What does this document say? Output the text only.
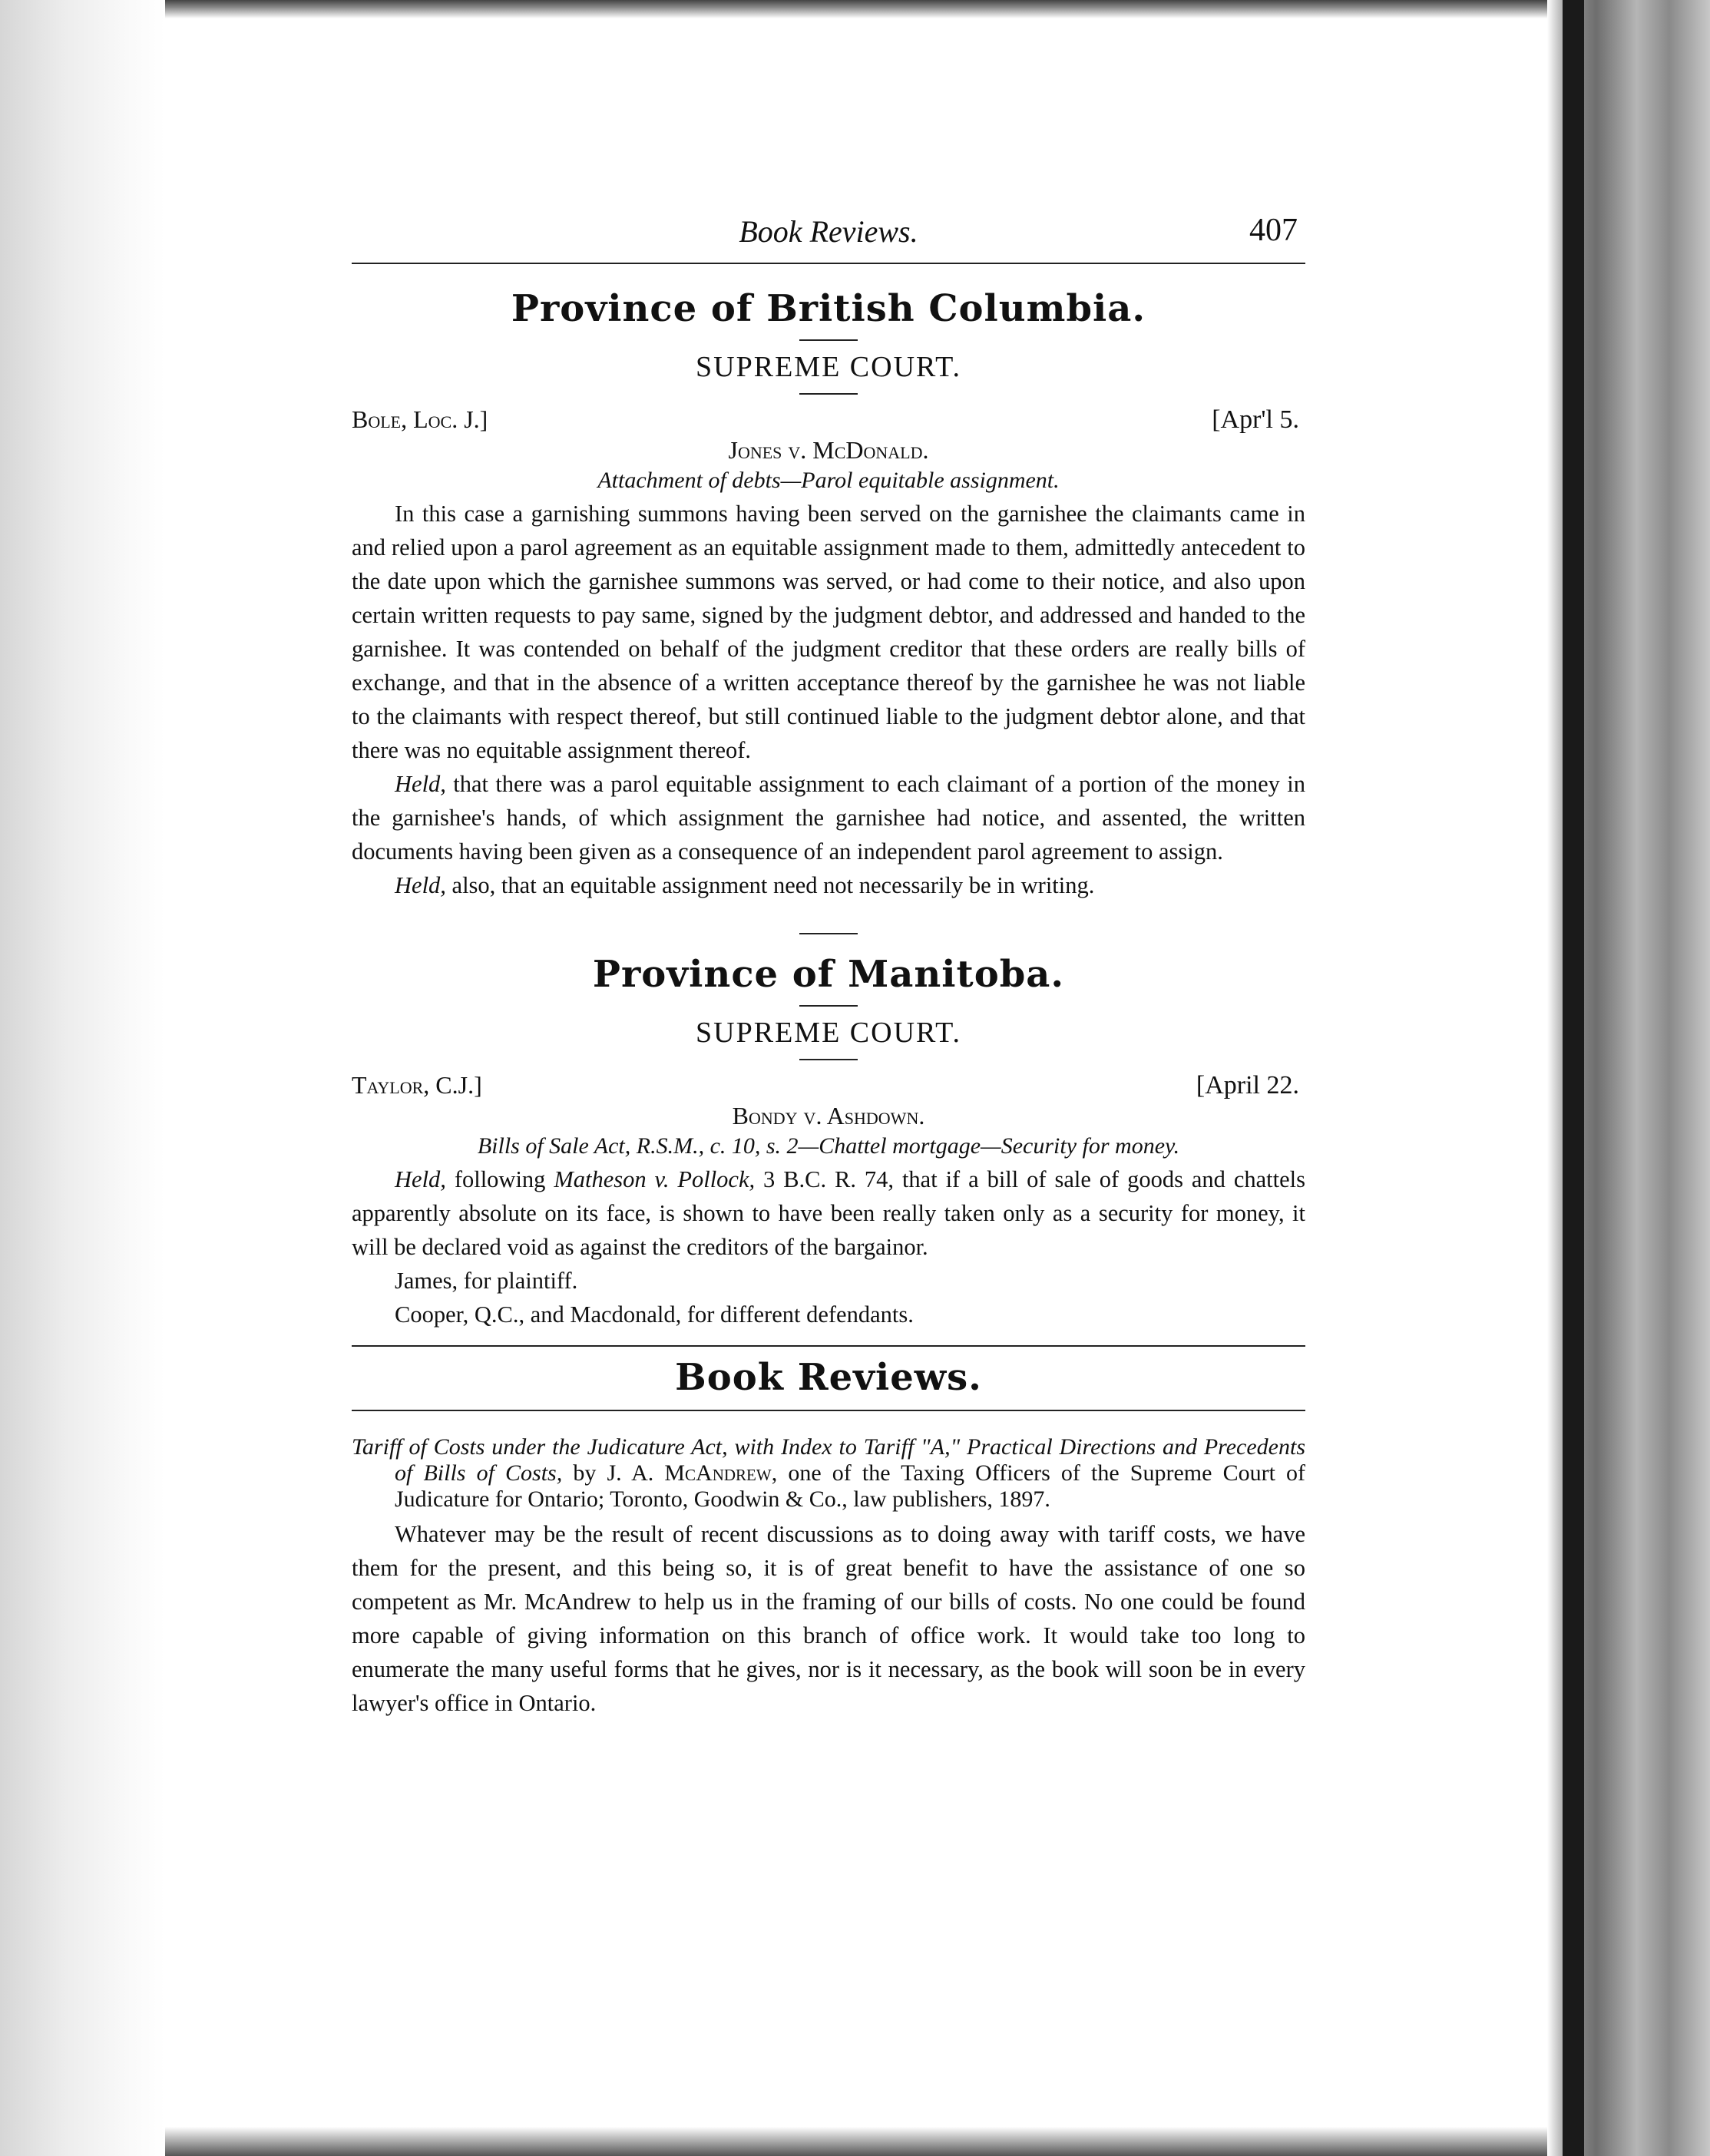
Book Reviews.	407
Province of British Columbia.
SUPREME COURT.
Bole, Loc. J.]	[Apr'l 5.
Jones v. McDonald.
Attachment of debts—Parol equitable assignment.

In this case a garnishing summons having been served on the garnishee the claimants came in and relied upon a parol agreement as an equitable assignment made to them, admittedly antecedent to the date upon which the garnishee summons was served, or had come to their notice, and also upon certain written requests to pay same, signed by the judgment debtor, and addressed and handed to the garnishee. It was contended on behalf of the judgment creditor that these orders are really bills of exchange, and that in the absence of a written acceptance thereof by the garnishee he was not liable to the claimants with respect thereof, but still continued liable to the judgment debtor alone, and that there was no equitable assignment thereof.

Held, that there was a parol equitable assignment to each claimant of a portion of the money in the garnishee's hands, of which assignment the garnishee had notice, and assented, the written documents having been given as a consequence of an independent parol agreement to assign.

Held, also, that an equitable assignment need not necessarily be in writing.

Province of Manitoba.
SUPREME COURT.
Taylor, C.J.]	[April 22.
Bondy v. Ashdown.
Bills of Sale Act, R.S.M., c. 10, s. 2—Chattel mortgage—Security for money.

Held, following Matheson v. Pollock, 3 B.C. R. 74, that if a bill of sale of goods and chattels apparently absolute on its face, is shown to have been really taken only as a security for money, it will be declared void as against the creditors of the bargainor.

James, for plaintiff.

Cooper, Q.C., and Macdonald, for different defendants.

Book Reviews.

Tariff of Costs under the Judicature Act, with Index to Tariff "A," Practical Directions and Precedents of Bills of Costs, by J. A. McAndrew, one of the Taxing Officers of the Supreme Court of Judicature for Ontario; Toronto, Goodwin & Co., law publishers, 1897.

Whatever may be the result of recent discussions as to doing away with tariff costs, we have them for the present, and this being so, it is of great benefit to have the assistance of one so competent as Mr. McAndrew to help us in the framing of our bills of costs. No one could be found more capable of giving information on this branch of office work. It would take too long to enumerate the many useful forms that he gives, nor is it necessary, as the book will soon be in every lawyer's office in Ontario.
